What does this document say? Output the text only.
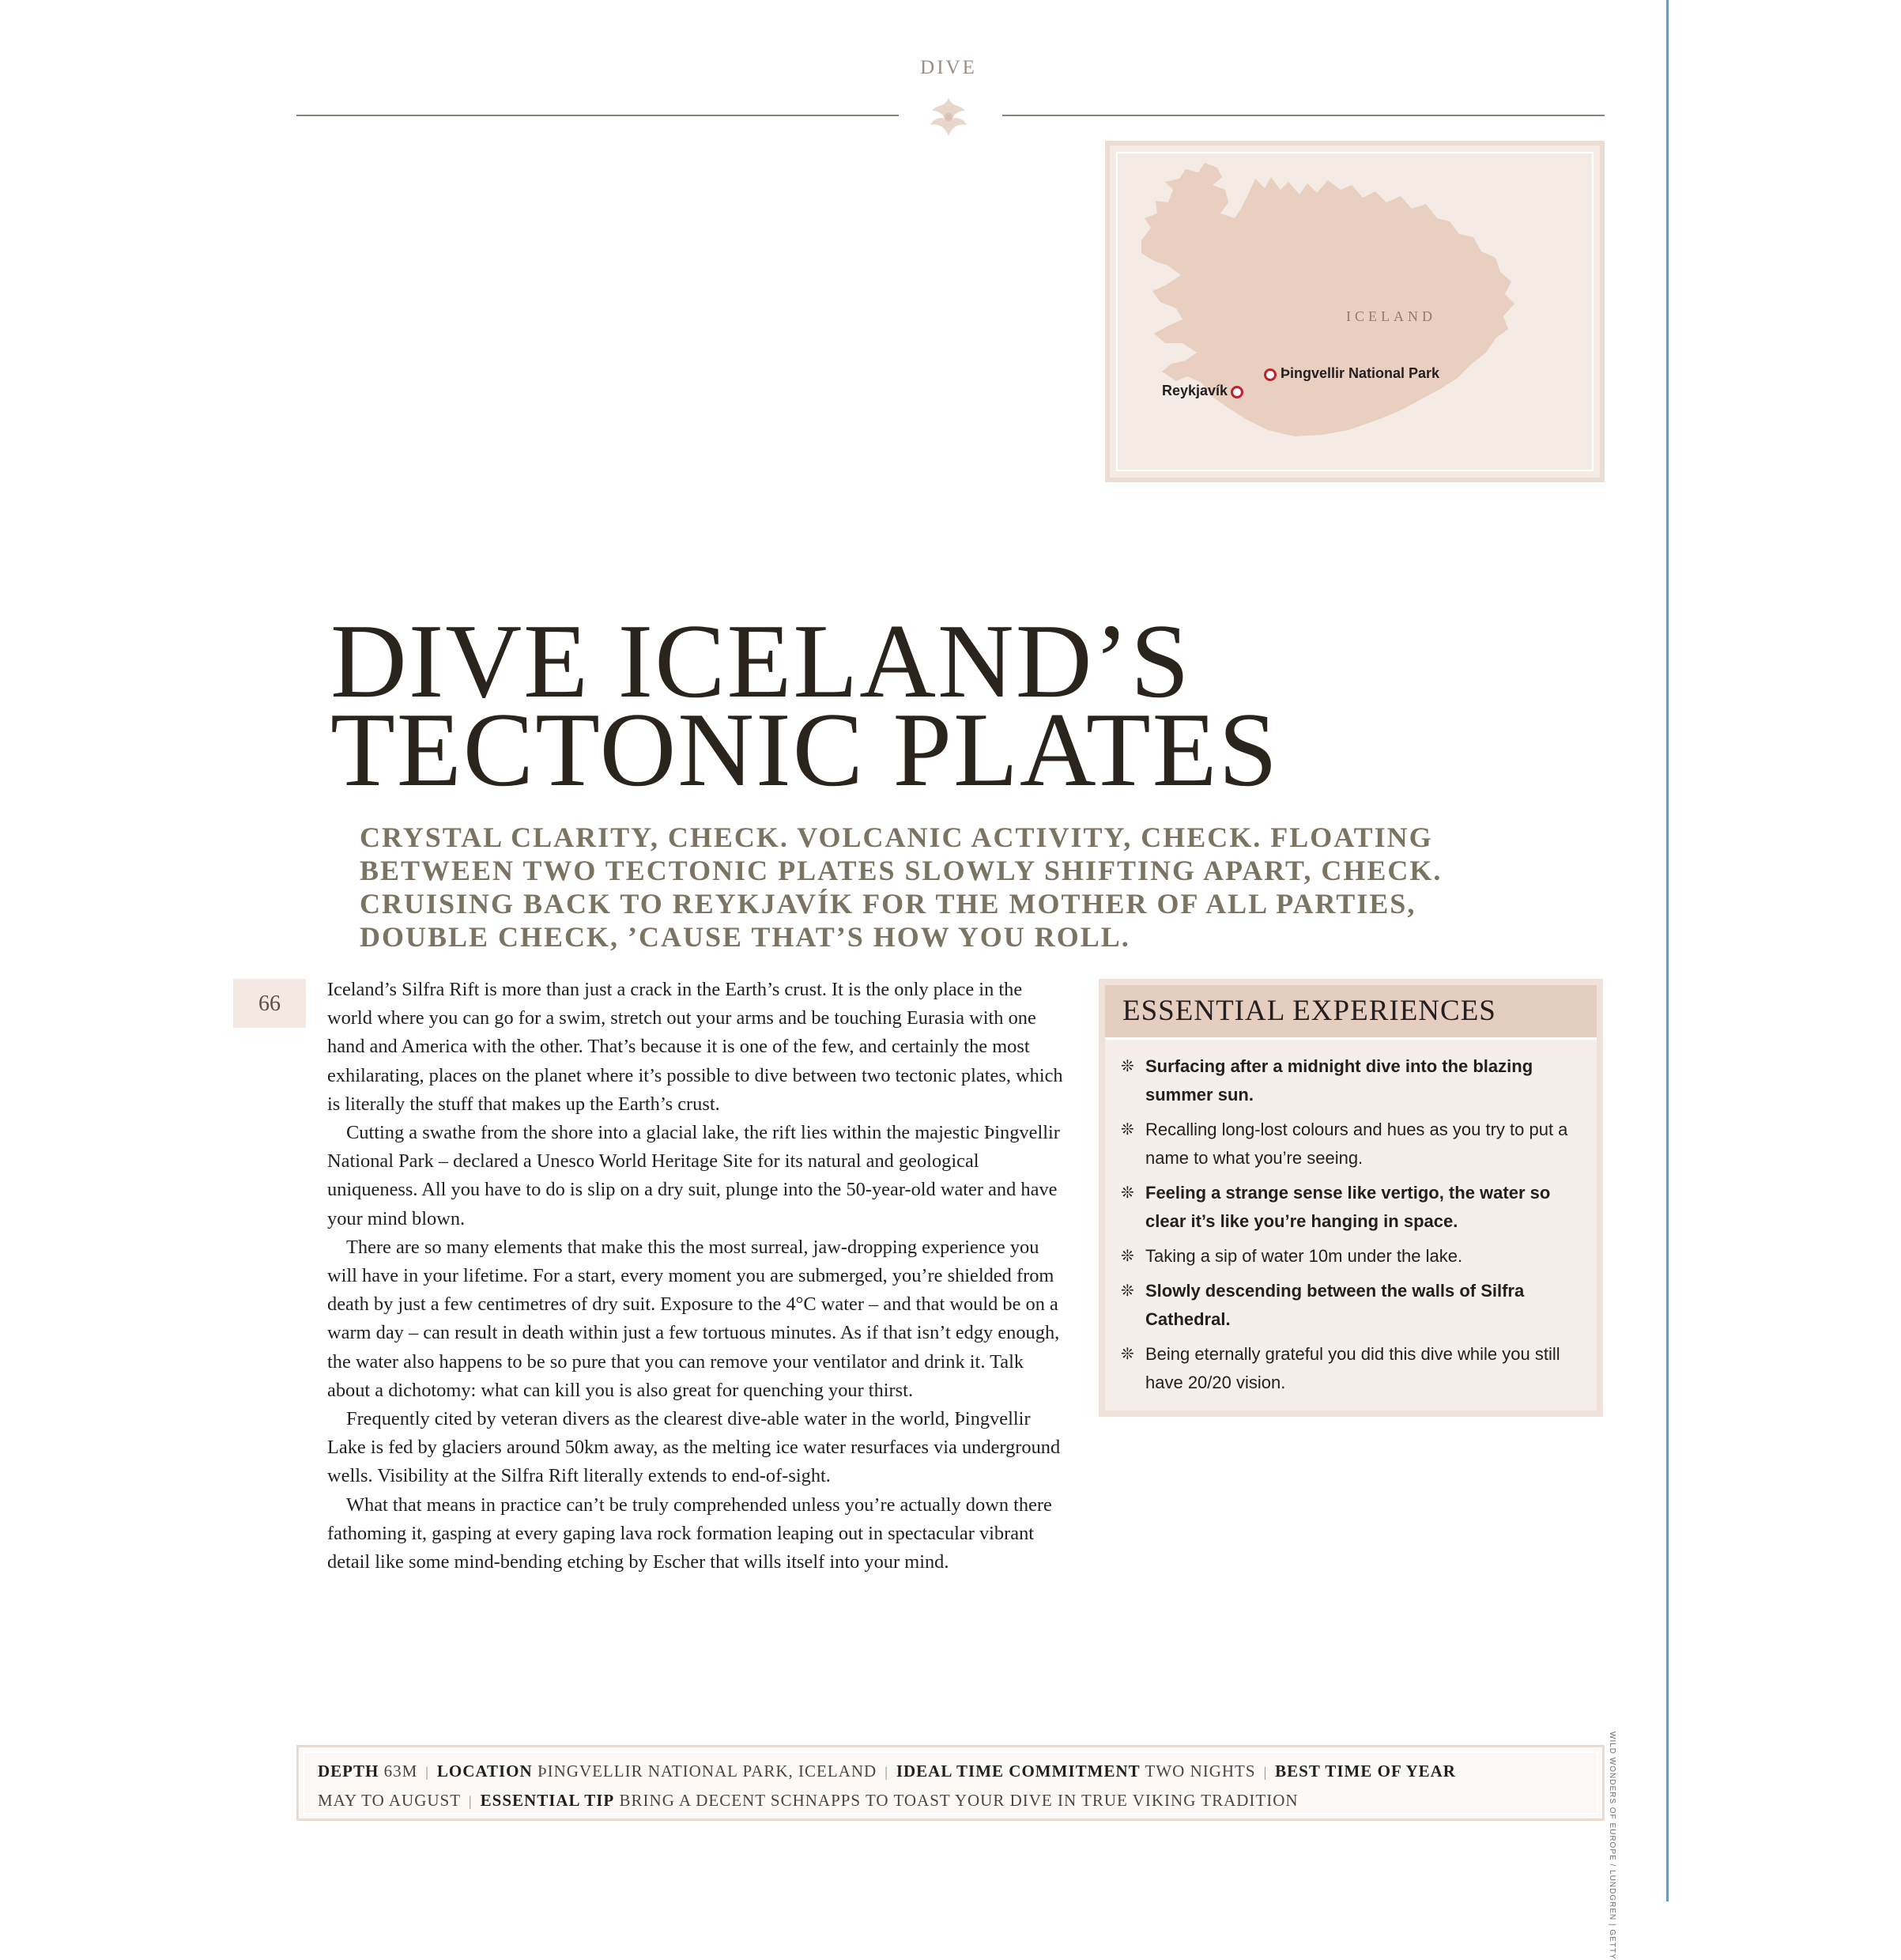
DIVE
WILD WONDERS OF EUROPE / LUNDGREN | GETTY
ICELAND
Þingvellir National Park
Reykjavík
DIVE ICELAND’S
TECTONIC PLATES
CRYSTAL CLARITY, CHECK. VOLCANIC ACTIVITY, CHECK. FLOATING BETWEEN TWO TECTONIC PLATES SLOWLY SHIFTING APART, CHECK. CRUISING BACK TO REYKJAVÍK FOR THE MOTHER OF ALL PARTIES, DOUBLE CHECK, ’CAUSE THAT’S HOW YOU ROLL.
66

Iceland’s Silfra Rift is more than just a crack in the Earth’s crust. It is the only place in the world where you can go for a swim, stretch out your arms and be touching Eurasia with one hand and America with the other. That’s because it is one of the few, and certainly the most exhilarating, places on the planet where it’s possible to dive between two tectonic plates, which is literally the stuff that makes up the Earth’s crust.

Cutting a swathe from the shore into a glacial lake, the rift lies within the majestic Þingvellir National Park – declared a Unesco World Heritage Site for its natural and geological uniqueness. All you have to do is slip on a dry suit, plunge into the 50-year-old water and have your mind blown.

There are so many elements that make this the most surreal, jaw-dropping experience you will have in your lifetime. For a start, every moment you are submerged, you’re shielded from death by just a few centimetres of dry suit. Exposure to the 4°C water – and that would be on a warm day – can result in death within just a few tortuous minutes. As if that isn’t edgy enough, the water also happens to be so pure that you can remove your ventilator and drink it. Talk about a dichotomy: what can kill you is also great for quenching your thirst.

Frequently cited by veteran divers as the clearest dive-able water in the world, Þingvellir Lake is fed by glaciers around 50km away, as the melting ice water resurfaces via underground wells. Visibility at the Silfra Rift literally extends to end-of-sight.

What that means in practice can’t be truly comprehended unless you’re actually down there fathoming it, gasping at every gaping lava rock formation leaping out in spectacular vibrant detail like some mind-bending etching by Escher that wills itself into your mind.

ESSENTIAL EXPERIENCES
❊ Surfacing after a midnight dive into the blazing summer sun.
❊ Recalling long-lost colours and hues as you try to put a name to what you’re seeing.
❊ Feeling a strange sense like vertigo, the water so clear it’s like you’re hanging in space.
❊ Taking a sip of water 10m under the lake.
❊ Slowly descending between the walls of Silfra Cathedral.
❊ Being eternally grateful you did this dive while you still have 20/20 vision.
DEPTH 63M | LOCATION ÞINGVELLIR NATIONAL PARK, ICELAND | IDEAL TIME COMMITMENT TWO NIGHTS | BEST TIME OF YEAR
MAY TO AUGUST | ESSENTIAL TIP BRING A DECENT SCHNAPPS TO TOAST YOUR DIVE IN TRUE VIKING TRADITION
